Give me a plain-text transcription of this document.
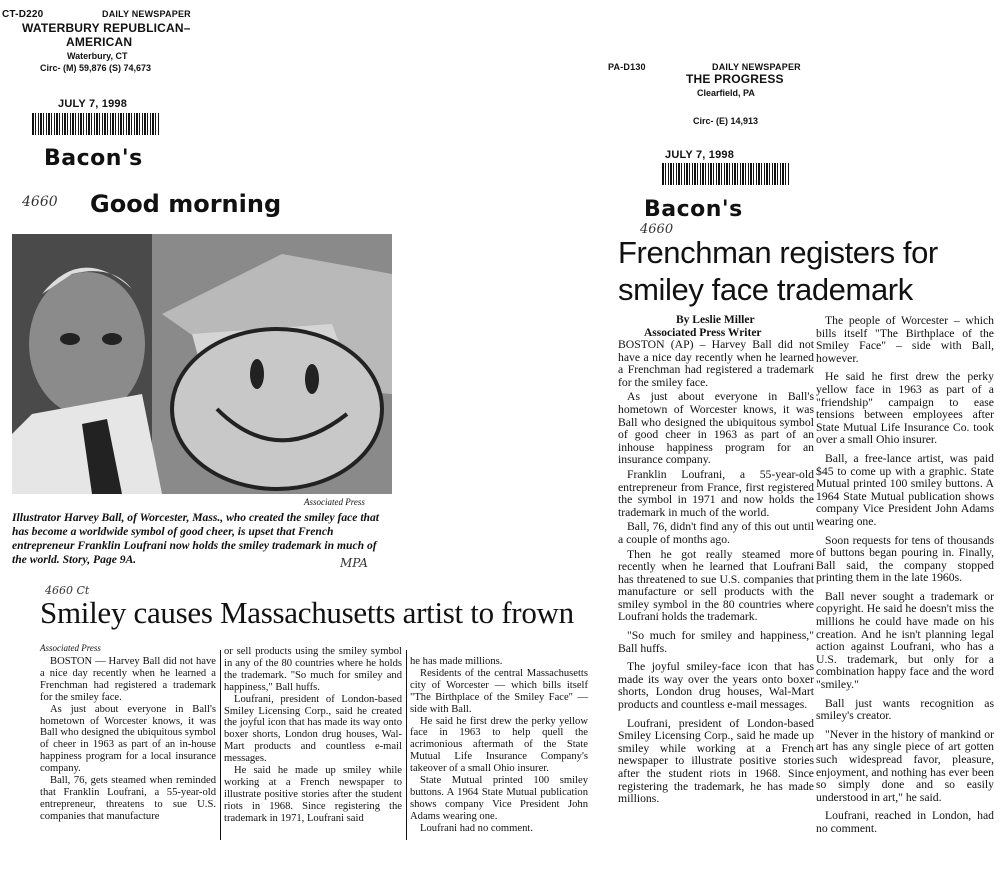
CT-D220	DAILY NEWSPAPER
WATERBURY REPUBLICAN–
AMERICAN
Waterbury, CT
Circ- (M) 59,876 (S) 74,673
JULY 7, 1998
Bacon's
4660 Good morning
Associated Press
Illustrator Harvey Ball, of Worcester, Mass., who created the smiley face that has become a worldwide symbol of good cheer, is upset that French entrepreneur Franklin Loufrani now holds the smiley trademark in much of the world. Story, Page 9A.	MPA
4660 Ct
Smiley causes Massachusetts artist to frown
Associated Press

BOSTON — Harvey Ball did not have a nice day recently when he learned a Frenchman had registered a trademark for the smiley face.

As just about everyone in Ball's hometown of Worcester knows, it was Ball who designed the ubiquitous symbol of cheer in 1963 as part of an in-house happiness program for a local insurance company.

Ball, 76, gets steamed when reminded that Franklin Loufrani, a 55-year-old entrepreneur, threatens to sue U.S. companies that manufacture

or sell products using the smiley symbol in any of the 80 countries where he holds the trademark. "So much for smiley and happiness," Ball huffs.

Loufrani, president of London-based Smiley Licensing Corp., said he created the joyful icon that has made its way onto boxer shorts, London drug houses, Wal-Mart products and countless e-mail messages.

He said he made up smiley while working at a French newspaper to illustrate positive stories after the student riots in 1968. Since registering the trademark in 1971, Loufrani said

he has made millions.

Residents of the central Massachusetts city of Worcester — which bills itself "The Birthplace of the Smiley Face" — side with Ball.

He said he first drew the perky yellow face in 1963 to help quell the acrimonious aftermath of the State Mutual Life Insurance Company's takeover of a small Ohio insurer.

State Mutual printed 100 smiley buttons. A 1964 State Mutual publication shows company Vice President John Adams wearing one.

Loufrani had no comment.

PA-D130	DAILY NEWSPAPER
THE PROGRESS
Clearfield, PA
Circ- (E) 14,913
JULY 7, 1998
Bacon's
4660
Frenchman registers for
smiley face trademark
By Leslie Miller
Associated Press Writer

BOSTON (AP) – Harvey Ball did not have a nice day recently when he learned a Frenchman had registered a trademark for the smiley face.

As just about everyone in Ball's hometown of Worcester knows, it was Ball who designed the ubiquitous symbol of good cheer in 1963 as part of an inhouse happiness program for an insurance company.

Franklin Loufrani, a 55-year-old entrepreneur from France, first registered the symbol in 1971 and now holds the trademark in much of the world.

Ball, 76, didn't find any of this out until a couple of months ago.

Then he got really steamed more recently when he learned that Loufrani has threatened to sue U.S. companies that manufacture or sell products with the smiley symbol in the 80 countries where Loufrani holds the trademark.

"So much for smiley and happiness," Ball huffs.

The joyful smiley-face icon that has made its way over the years onto boxer shorts, London drug houses, Wal-Mart products and countless e-mail messages.

Loufrani, president of London-based Smiley Licensing Corp., said he made up smiley while working at a French newspaper to illustrate positive stories after the student riots in 1968. Since registering the trademark, he has made millions.

The people of Worcester – which bills itself "The Birthplace of the Smiley Face" – side with Ball, however.

He said he first drew the perky yellow face in 1963 as part of a "friendship" campaign to ease tensions between employees after State Mutual Life Insurance Co. took over a small Ohio insurer.

Ball, a free-lance artist, was paid $45 to come up with a graphic. State Mutual printed 100 smiley buttons. A 1964 State Mutual publication shows company Vice President John Adams wearing one.

Soon requests for tens of thousands of buttons began pouring in. Finally, Ball said, the company stopped printing them in the late 1960s.

Ball never sought a trademark or copyright. He said he doesn't miss the millions he could have made on his creation. And he isn't planning legal action against Loufrani, who has a U.S. trademark, but only for a combination happy face and the word "smiley."

Ball just wants recognition as smiley's creator.

"Never in the history of mankind or art has any single piece of art gotten such widespread favor, pleasure, enjoyment, and nothing has ever been so simply done and so easily understood in art," he said.

Loufrani, reached in London, had no comment.
